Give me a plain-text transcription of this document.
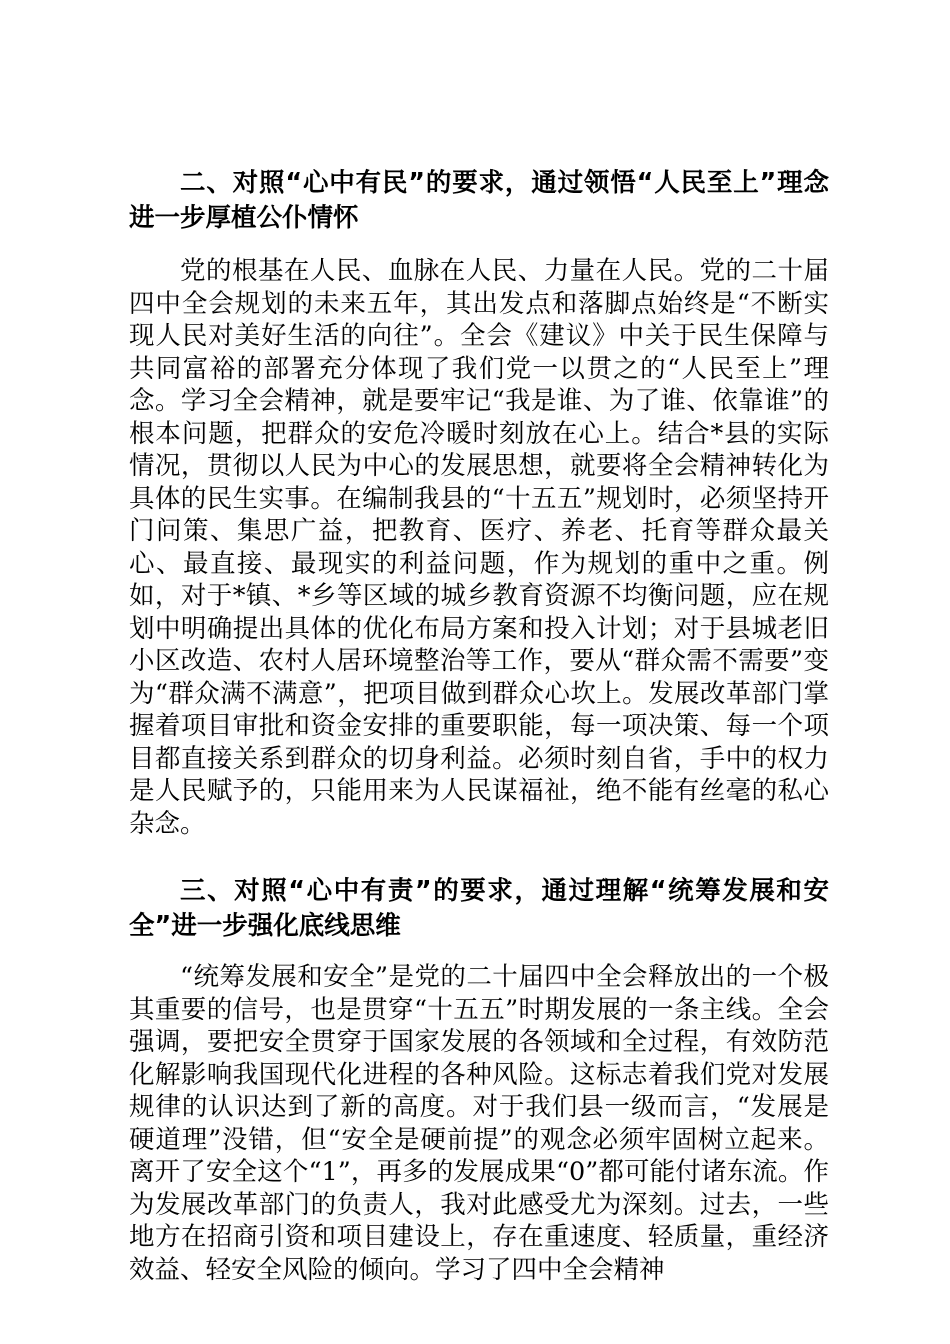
二、对照“心中有民”的要求，通过领悟“人民至上”理念进一步厚植公仆情怀

党的根基在人民、血脉在人民、力量在人民。党的二十届四中全会规划的未来五年，其出发点和落脚点始终是“不断实现人民对美好生活的向往”。全会《建议》中关于民生保障与共同富裕的部署充分体现了我们党一以贯之的“人民至上”理念。学习全会精神，就是要牢记“我是谁、为了谁、依靠谁”的根本问题，把群众的安危冷暖时刻放在心上。结合*县的实际情况，贯彻以人民为中心的发展思想，就要将全会精神转化为具体的民生实事。在编制我县的“十五五”规划时，必须坚持开门问策、集思广益，把教育、医疗、养老、托育等群众最关心、最直接、最现实的利益问题，作为规划的重中之重。例如，对于*镇、*乡等区域的城乡教育资源不均衡问题，应在规划中明确提出具体的优化布局方案和投入计划；对于县城老旧小区改造、农村人居环境整治等工作，要从“群众需不需要”变为“群众满不满意”，把项目做到群众心坎上。发展改革部门掌握着项目审批和资金安排的重要职能，每一项决策、每一个项目都直接关系到群众的切身利益。必须时刻自省，手中的权力是人民赋予的，只能用来为人民谋福祉，绝不能有丝毫的私心杂念。

三、对照“心中有责”的要求，通过理解“统筹发展和安全”进一步强化底线思维

“统筹发展和安全”是党的二十届四中全会释放出的一个极其重要的信号，也是贯穿“十五五”时期发展的一条主线。全会强调，要把安全贯穿于国家发展的各领域和全过程，有效防范化解影响我国现代化进程的各种风险。这标志着我们党对发展规律的认识达到了新的高度。对于我们县一级而言，“发展是硬道理”没错，但“安全是硬前提”的观念必须牢固树立起来。离开了安全这个“1”，再多的发展成果“0”都可能付诸东流。作为发展改革部门的负责人，我对此感受尤为深刻。过去，一些地方在招商引资和项目建设上，存在重速度、轻质量，重经济效益、轻安全风险的倾向。学习了四中全会精神
